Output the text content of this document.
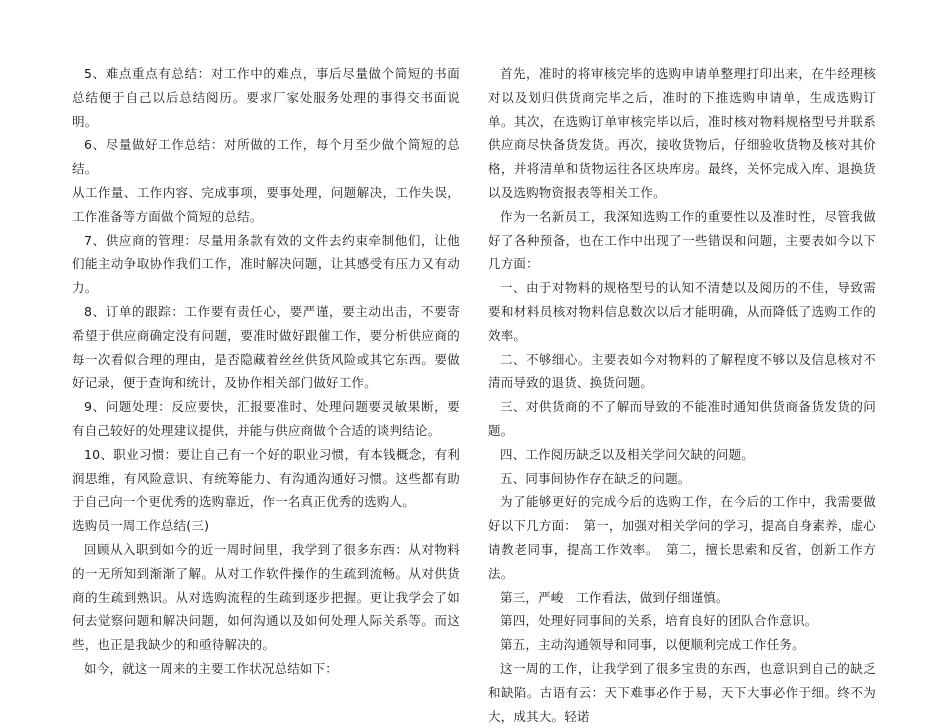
5、难点重点有总结：对工作中的难点，事后尽量做个简短的书面总结便于自己以后总结阅历。要求厂家处服务处理的事得交书面说明。

6、尽量做好工作总结：对所做的工作，每个月至少做个简短的总结。

从工作量、工作内容、完成事项，要事处理，问题解决，工作失误，工作准备等方面做个简短的总结。

7、供应商的管理：尽量用条款有效的文件去约束牵制他们，让他们能主动争取协作我们工作，准时解决问题，让其感受有压力又有动力。

8、订单的跟踪：工作要有责任心，要严谨，要主动出击，不要寄希望于供应商确定没有问题，要准时做好跟催工作，要分析供应商的每一次看似合理的理由，是否隐藏着丝丝供货风险或其它东西。要做好记录，便于查询和统计，及协作相关部门做好工作。

9、问题处理：反应要快，汇报要准时、处理问题要灵敏果断，要有自己较好的处理建议提供，并能与供应商做个合适的谈判结论。

10、职业习惯：要让自己有一个好的职业习惯，有本钱概念，有利润思维，有风险意识、有统筹能力、有沟通沟通好习惯。这些都有助于自己向一个更优秀的选购靠近，作一名真正优秀的选购人。

选购员一周工作总结(三)

回顾从入职到如今的近一周时间里，我学到了很多东西：从对物料的一无所知到渐渐了解。从对工作软件操作的生疏到流畅。从对供货商的生疏到熟识。从对选购流程的生疏到逐步把握。更让我学会了如何去觉察问题和解决问题，如何沟通以及如何处理人际关系等。而这些，也正是我缺少的和亟待解决的。

如今，就这一周来的主要工作状况总结如下：

首先，准时的将审核完毕的选购申请单整理打印出来，在牛经理核对以及划归供货商完毕之后，准时的下推选购申请单，生成选购订单。其次，在选购订单审核完毕以后，准时核对物料规格型号并联系供应商尽快备货发货。再次，接收货物后，仔细验收货物及核对其价格，并将清单和货物运往各区块库房。最终，关怀完成入库、退换货以及选购物资报表等相关工作。

作为一名新员工，我深知选购工作的重要性以及准时性，尽管我做好了各种预备，也在工作中出现了一些错误和问题，主要表如今以下几方面：

一、由于对物料的规格型号的认知不清楚以及阅历的不佳，导致需要和材料员核对物料信息数次以后才能明确，从而降低了选购工作的效率。

二、不够细心。主要表如今对物料的了解程度不够以及信息核对不清而导致的退货、换货问题。

三、对供货商的不了解而导致的不能准时通知供货商备货发货的问题。

四、工作阅历缺乏以及相关学问欠缺的问题。

五、同事间协作存在缺乏的问题。

为了能够更好的完成今后的选购工作，在今后的工作中，我需要做好以下几方面：　第一，加强对相关学问的学习，提高自身素养，虚心请教老同事，提高工作效率。　第二，擅长思索和反省，创新工作方法。

第三，严峻　工作看法，做到仔细谨慎。

第四，处理好同事间的关系，培育良好的团队合作意识。

第五，主动沟通领导和同事，以便顺利完成工作任务。

这一周的工作，让我学到了很多宝贵的东西，也意识到自己的缺乏和缺陷。古语有云：天下难事必作于易，天下大事必作于细。终不为大，成其大。轻诺
